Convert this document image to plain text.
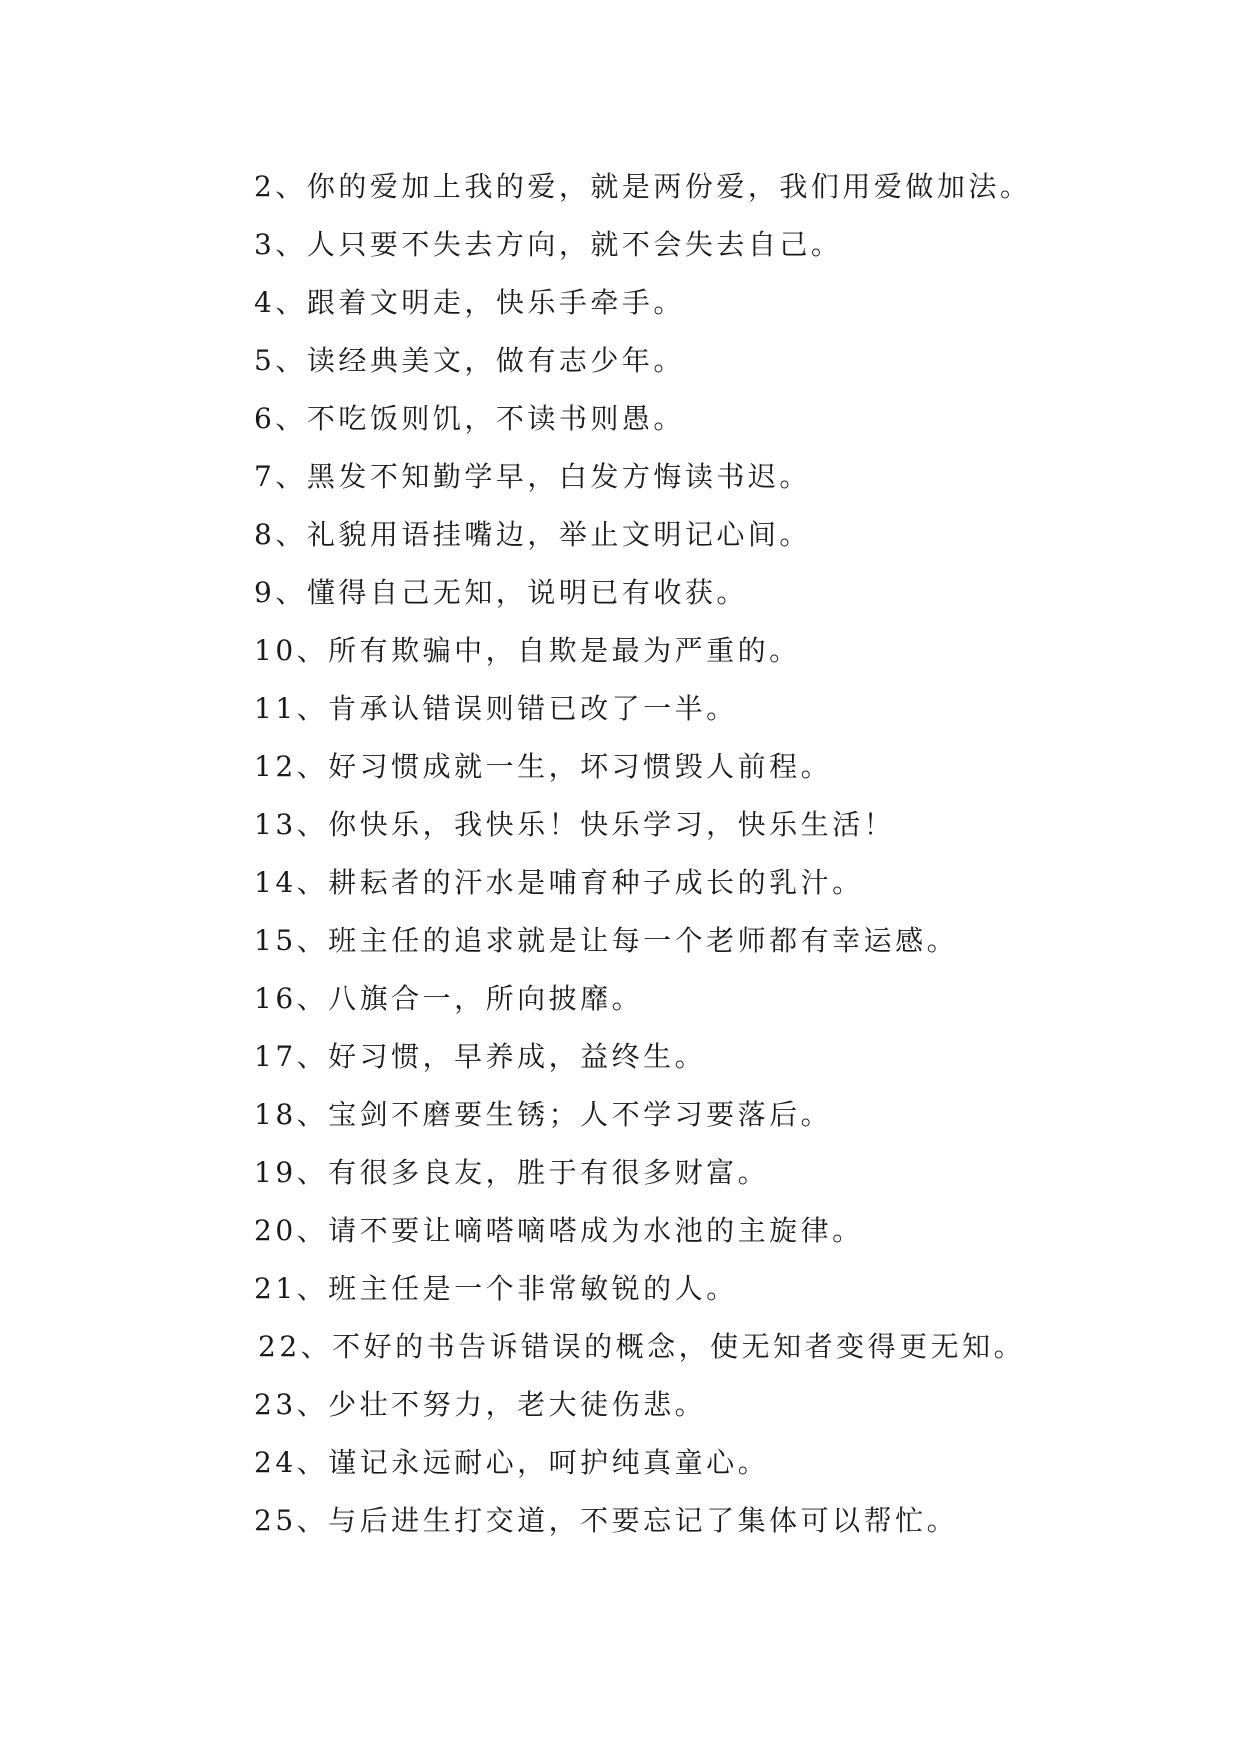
2、你的爱加上我的爱，就是两份爱，我们用爱做加法。
3、人只要不失去方向，就不会失去自己。
4、跟着文明走，快乐手牵手。
5、读经典美文，做有志少年。
6、不吃饭则饥，不读书则愚。
7、黑发不知勤学早，白发方悔读书迟。
8、礼貌用语挂嘴边，举止文明记心间。
9、懂得自己无知，说明已有收获。
10、所有欺骗中，自欺是最为严重的。
11、肯承认错误则错已改了一半。
12、好习惯成就一生，坏习惯毁人前程。
13、你快乐，我快乐！快乐学习，快乐生活！
14、耕耘者的汗水是哺育种子成长的乳汁。
15、班主任的追求就是让每一个老师都有幸运感。
16、八旗合一，所向披靡。
17、好习惯，早养成，益终生。
18、宝剑不磨要生锈；人不学习要落后。
19、有很多良友，胜于有很多财富。
20、请不要让嘀嗒嘀嗒成为水池的主旋律。
21、班主任是一个非常敏锐的人。
22、不好的书告诉错误的概念，使无知者变得更无知。
23、少壮不努力，老大徒伤悲。
24、谨记永远耐心，呵护纯真童心。
25、与后进生打交道，不要忘记了集体可以帮忙。
